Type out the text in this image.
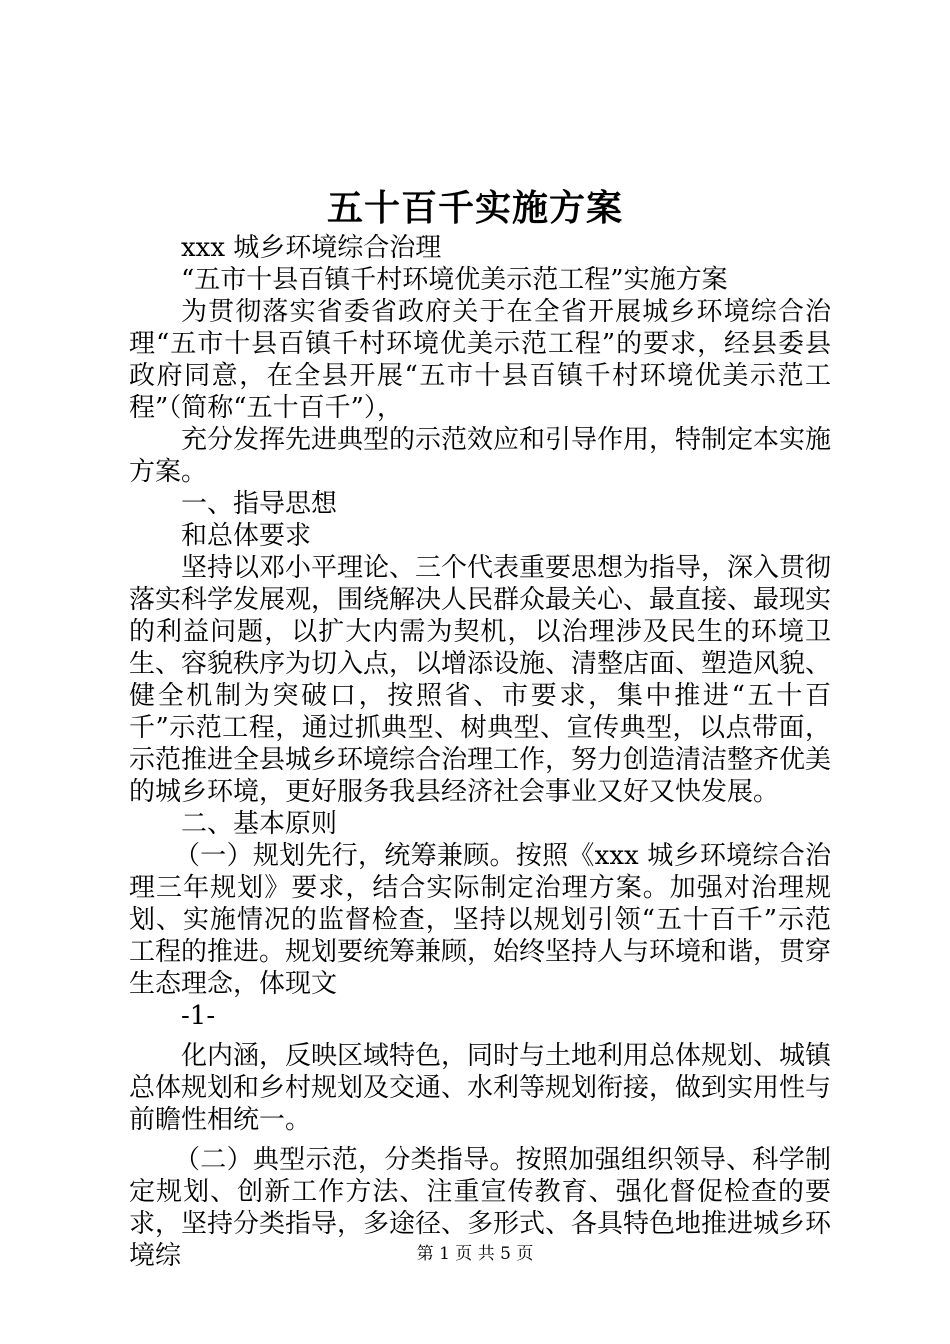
五十百千实施方案

xxx 城乡环境综合治理

“五市十县百镇千村环境优美示范工程”实施方案

为贯彻落实省委省政府关于在全省开展城乡环境综合治理“五市十县百镇千村环境优美示范工程”的要求，经县委县政府同意，在全县开展“五市十县百镇千村环境优美示范工程”（简称“五十百千”），

充分发挥先进典型的示范效应和引导作用，特制定本实施方案。

一、指导思想

和总体要求

坚持以邓小平理论、三个代表重要思想为指导，深入贯彻落实科学发展观，围绕解决人民群众最关心、最直接、最现实的利益问题，以扩大内需为契机，以治理涉及民生的环境卫生、容貌秩序为切入点，以增添设施、清整店面、塑造风貌、健全机制为突破口，按照省、市要求，集中推进“五十百千”示范工程，通过抓典型、树典型、宣传典型，以点带面，示范推进全县城乡环境综合治理工作，努力创造清洁整齐优美的城乡环境，更好服务我县经济社会事业又好又快发展。

二、基本原则

（一）规划先行，统筹兼顾。按照《xxx 城乡环境综合治理三年规划》要求，结合实际制定治理方案。加强对治理规划、实施情况的监督检查，坚持以规划引领“五十百千”示范工程的推进。规划要统筹兼顾，始终坚持人与环境和谐，贯穿生态理念，体现文

-1-

化内涵，反映区域特色，同时与土地利用总体规划、城镇总体规划和乡村规划及交通、水利等规划衔接，做到实用性与前瞻性相统一。

（二）典型示范，分类指导。按照加强组织领导、科学制定规划、创新工作方法、注重宣传教育、强化督促检查的要求，坚持分类指导，多途径、多形式、各具特色地推进城乡环境综	第 1 页 共 5 页
